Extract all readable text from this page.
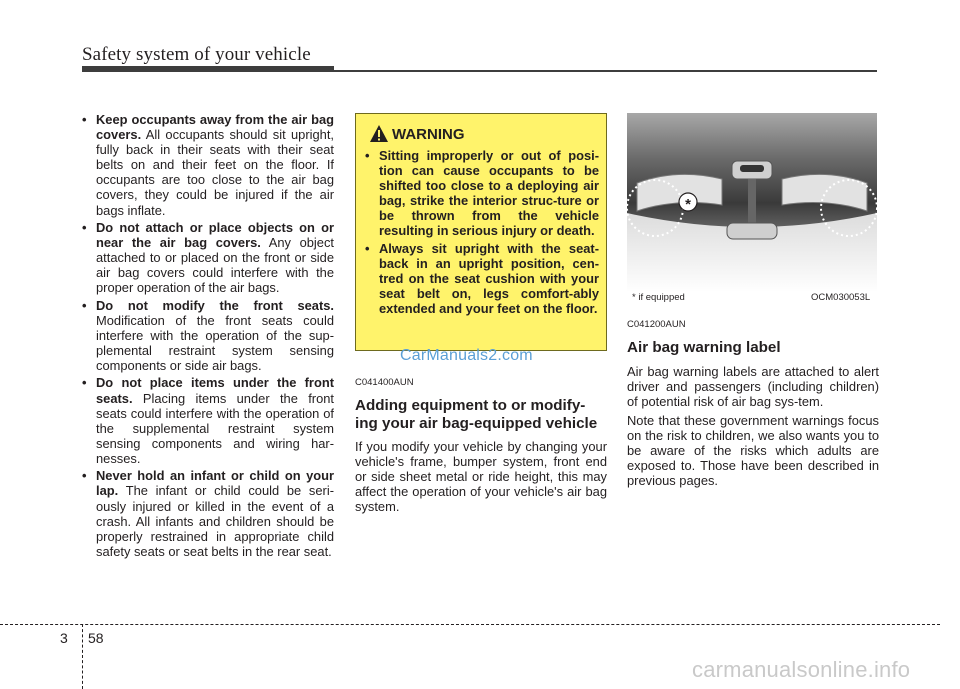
Safety system of your vehicle
• Keep occupants away from the air bag covers. All occupants should sit upright, fully back in their seats with their seat belts on and their feet on the floor. If occupants are too close to the air bag covers, they could be injured if the air bags inflate.
• Do not attach or place objects on or near the air bag covers. Any object attached to or placed on the front or side air bag covers could interfere with the proper operation of the air bags.
• Do not modify the front seats. Modification of the front seats could interfere with the operation of the sup-plemental restraint system sensing components or side air bags.
• Do not place items under the front seats. Placing items under the front seats could interfere with the operation of the supplemental restraint system sensing components and wiring har-nesses.
• Never hold an infant or child on your lap. The infant or child could be seri-ously injured or killed in the event of a crash. All infants and children should be properly restrained in appropriate child safety seats or seat belts in the rear seat.
WARNING
• Sitting improperly or out of posi-tion can cause occupants to be shifted too close to a deploying air bag, strike the interior struc-ture or be thrown from the vehicle resulting in serious injury or death.
• Always sit upright with the seat-back in an upright position, cen-tred on the seat cushion with your seat belt on, legs comfort-ably extended and your feet on the floor.
CarManuals2.com
C041400AUN
Adding equipment to or modify-ing your air bag-equipped vehicle

If you modify your vehicle by changing your vehicle's frame, bumper system, front end or side sheet metal or ride height, this may affect the operation of your vehicle's air bag system.

*
* if equipped	OCM030053L
C041200AUN
Air bag warning label

Air bag warning labels are attached to alert driver and passengers (including children) of potential risk of air bag sys-tem.

Note that these government warnings focus on the risk to children, we also wants you to be aware of the risks which adults are exposed to. Those have been described in previous pages.

3 58
carmanualsonline.info
